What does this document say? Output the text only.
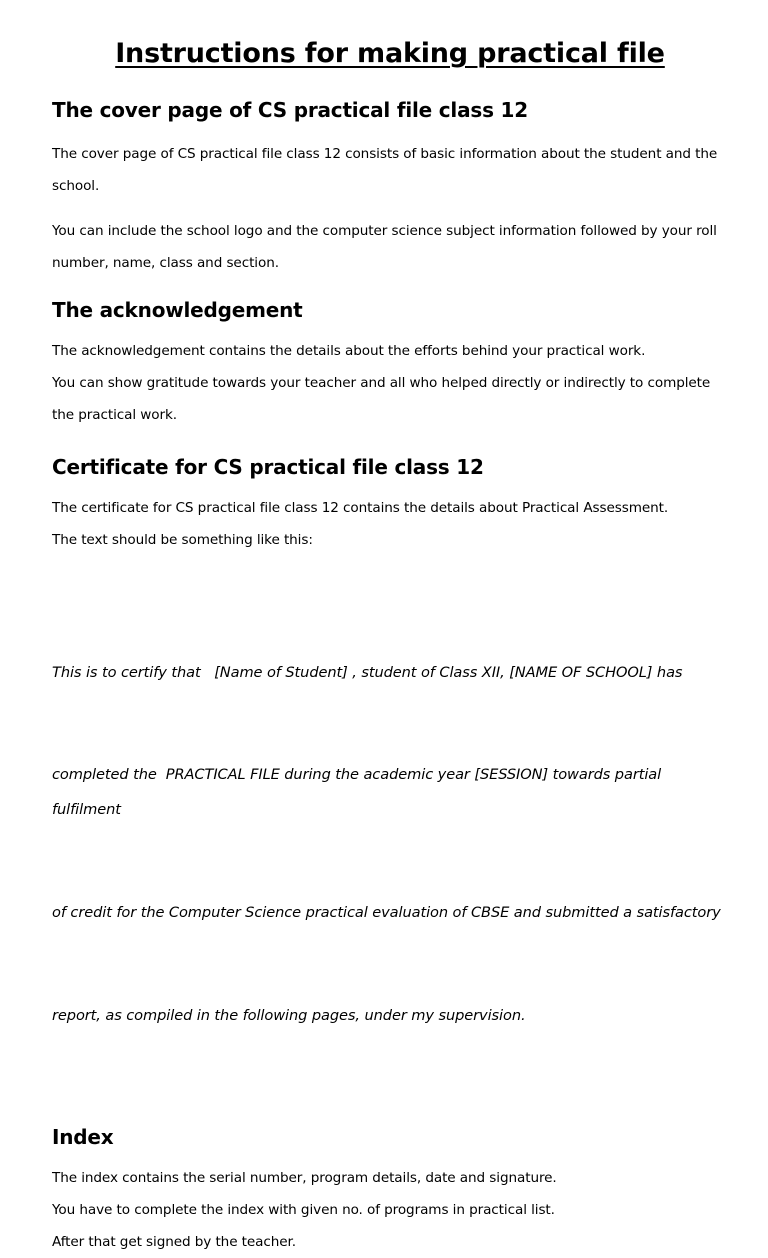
Instructions for making practical file
The cover page of CS practical file class 12

The cover page of CS practical file class 12 consists of basic information about the student and the school.

You can include the school logo and the computer science subject information followed by your roll number, name, class and section.

The acknowledgement

The acknowledgement contains the details about the efforts behind your practical work.

You can show gratitude towards your teacher and all who helped directly or indirectly to complete the practical work.

Certificate for CS practical file class 12

The certificate for CS practical file class 12 contains the details about Practical Assessment.

The text should be something like this:

This is to certify that   [Name of Student] , student of Class XII, [NAME OF SCHOOL] has

completed the  PRACTICAL FILE during the academic year [SESSION] towards partial fulfilment

of credit for the Computer Science practical evaluation of CBSE and submitted a satisfactory

report, as compiled in the following pages, under my supervision.

Index

The index contains the serial number, program details, date and signature.

You have to complete the index with given no. of programs in practical list.

After that get signed by the teacher.
